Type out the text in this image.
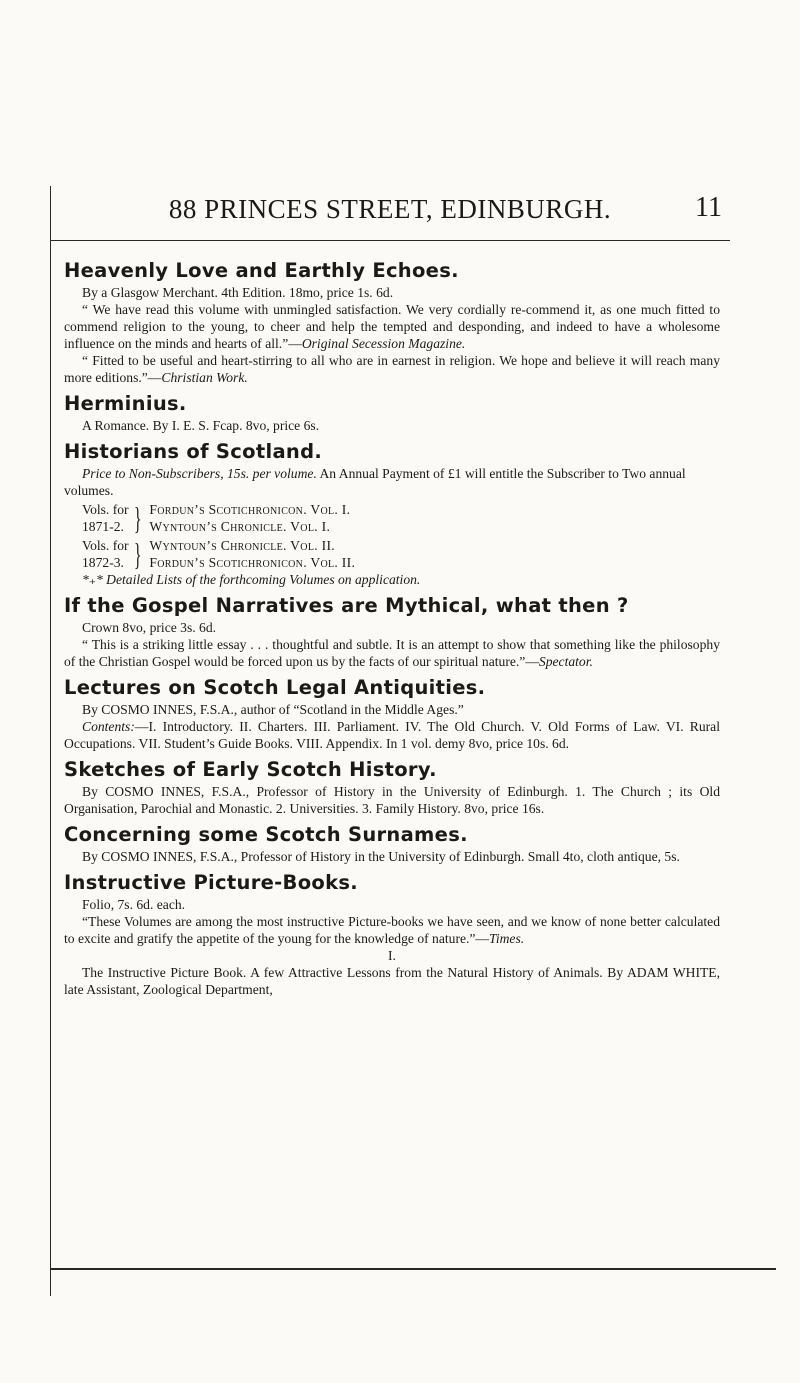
88 PRINCES STREET, EDINBURGH.	11
Heavenly Love and Earthly Echoes.

By a Glasgow Merchant. 4th Edition. 18mo, price 1s. 6d.

“ We have read this volume with unmingled satisfaction. We very cordially re-commend it, as one much fitted to commend religion to the young, to cheer and help the tempted and desponding, and indeed to have a wholesome influence on the minds and hearts of all.”—Original Secession Magazine.

“ Fitted to be useful and heart-stirring to all who are in earnest in religion. We hope and believe it will reach many more editions.”—Christian Work.

Herminius.

A Romance. By I. E. S. Fcap. 8vo, price 6s.

Historians of Scotland.

Price to Non-Subscribers, 15s. per volume. An Annual Payment of £1 will entitle the Subscriber to Two annual volumes.

Vols. for
1871-2. } Fordun’s Scotichronicon. Vol. I.
Wyntoun’s Chronicle. Vol. I.
Vols. for
1872-3. } Wyntoun’s Chronicle. Vol. II.
Fordun’s Scotichronicon. Vol. II.

*₊* Detailed Lists of the forthcoming Volumes on application.

If the Gospel Narratives are Mythical, what then ?

Crown 8vo, price 3s. 6d.

“ This is a striking little essay . . . thoughtful and subtle. It is an attempt to show that something like the philosophy of the Christian Gospel would be forced upon us by the facts of our spiritual nature.”—Spectator.

Lectures on Scotch Legal Antiquities.

By COSMO INNES, F.S.A., author of “Scotland in the Middle Ages.”

Contents:—I. Introductory. II. Charters. III. Parliament. IV. The Old Church. V. Old Forms of Law. VI. Rural Occupations. VII. Student’s Guide Books. VIII. Appendix. In 1 vol. demy 8vo, price 10s. 6d.

Sketches of Early Scotch History.

By COSMO INNES, F.S.A., Professor of History in the University of Edinburgh. 1. The Church ; its Old Organisation, Parochial and Monastic. 2. Universities. 3. Family History. 8vo, price 16s.

Concerning some Scotch Surnames.

By COSMO INNES, F.S.A., Professor of History in the University of Edinburgh. Small 4to, cloth antique, 5s.

Instructive Picture-Books.

Folio, 7s. 6d. each.

“These Volumes are among the most instructive Picture-books we have seen, and we know of none better calculated to excite and gratify the appetite of the young for the knowledge of nature.”—Times.

I.

The Instructive Picture Book. A few Attractive Lessons from the Natural History of Animals. By ADAM WHITE, late Assistant, Zoological Department,
